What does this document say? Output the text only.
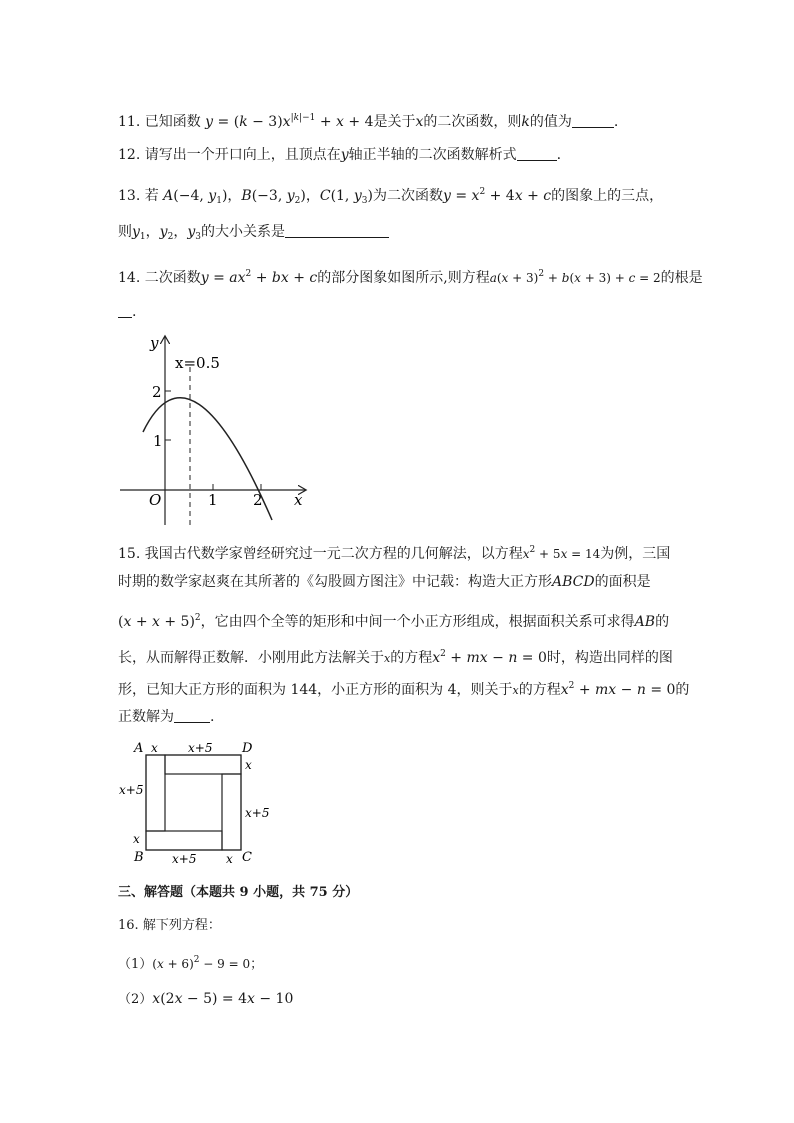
11. 已知函数 $y = (k - 3)x^{|k|-1} + x + 4$是关于x的二次函数，则k的值为	.
12. 请写出一个开口向上，且顶点在y轴正半轴的二次函数解析式	.
13. 若 A(−4, $y_1$)，B(−3, $y_2$)，C(1, $y_3$)为二次函数$y = x^2 + 4x + c$的图象上的三点，
则$y_1$，$y_2$，$y_3$的大小关系是
14. 二次函数$y = ax^2$ + bx + c的部分图象如图所示,则方程$a(x + 3)^2 + b(x + 3) + c = 2$的根是
.
y
x
O
x=0.5
2
1
1 2
15. 我国古代数学家曾经研究过一元二次方程的几何解法，以方程$x^2 + 5x = 14$为例，三国
时期的数学家赵爽在其所著的《勾股圆方图注》中记载：构造大正方形ABCD的面积是
$(x + x + 5)^2$，它由四个全等的矩形和中间一个小正方形组成，根据面积关系可求得AB的
长，从而解得正数解．小刚用此方法解关于x的方程$x^2$ + mx − n = 0时，构造出同样的图
形，已知大正方形的面积为 144，小正方形的面积为 4，则关于x的方程$x^2$ + mx − n = 0的
正数解为	.
A	D
B	C
x	x+5
x
x+5
x+5
x
x+5 x
三、解答题（本题共 9 小题，共 75 分）
16. 解下列方程：
$(1)(x + 6)^2 - 9 = 0$；
（2）x(2x − 5) = 4x − 10
